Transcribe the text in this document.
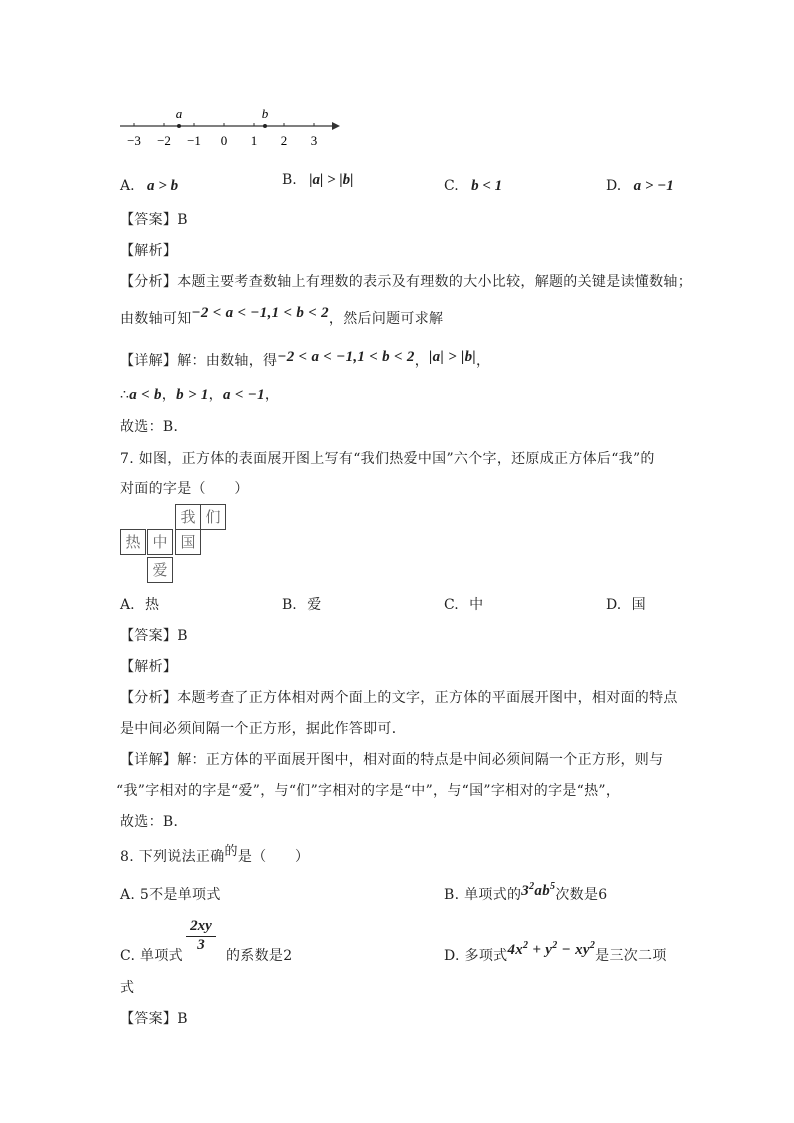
−3 −2 −1 0 1 2 3
a	b
A. a > b	B. |a| > |b|	C. b < 1	D. a > −1
【答案】B
【解析】
【分析】本题主要考查数轴上有理数的表示及有理数的大小比较，解题的关键是读懂数轴；
由数轴可知−2 < a < −1,1 < b < 2，然后问题可求解
【详解】解：由数轴，得−2 < a < −1,1 < b < 2，|a| > |b|，
∴a < b，b > 1，a < −1，
故选：B．
7. 如图，正方体的表面展开图上写有“我们热爱中国”六个字，还原成正方体后“我”的
对面的字是（　　）
我 们
热 中 国
爱
A. 热	B. 爱	C. 中	D. 国
【答案】B
【解析】
【分析】本题考查了正方体相对两个面上的文字，正方体的平面展开图中，相对面的特点
是中间必须间隔一个正方形，据此作答即可．
【详解】解：正方体的平面展开图中，相对面的特点是中间必须间隔一个正方形，则与
“我”字相对的字是“爱”，与“们”字相对的字是“中”，与“国”字相对的字是“热”，
故选：B．
8. 下列说法正确的是（　　）
A. 5不是单项式	B. 单项式的$3^2ab^5$次数是6
C. 单项式
$\frac{2xy}{3}$
的系数是2	D. 多项式$4x^2 + y^2 - xy^2$是三次二项
式
【答案】B
